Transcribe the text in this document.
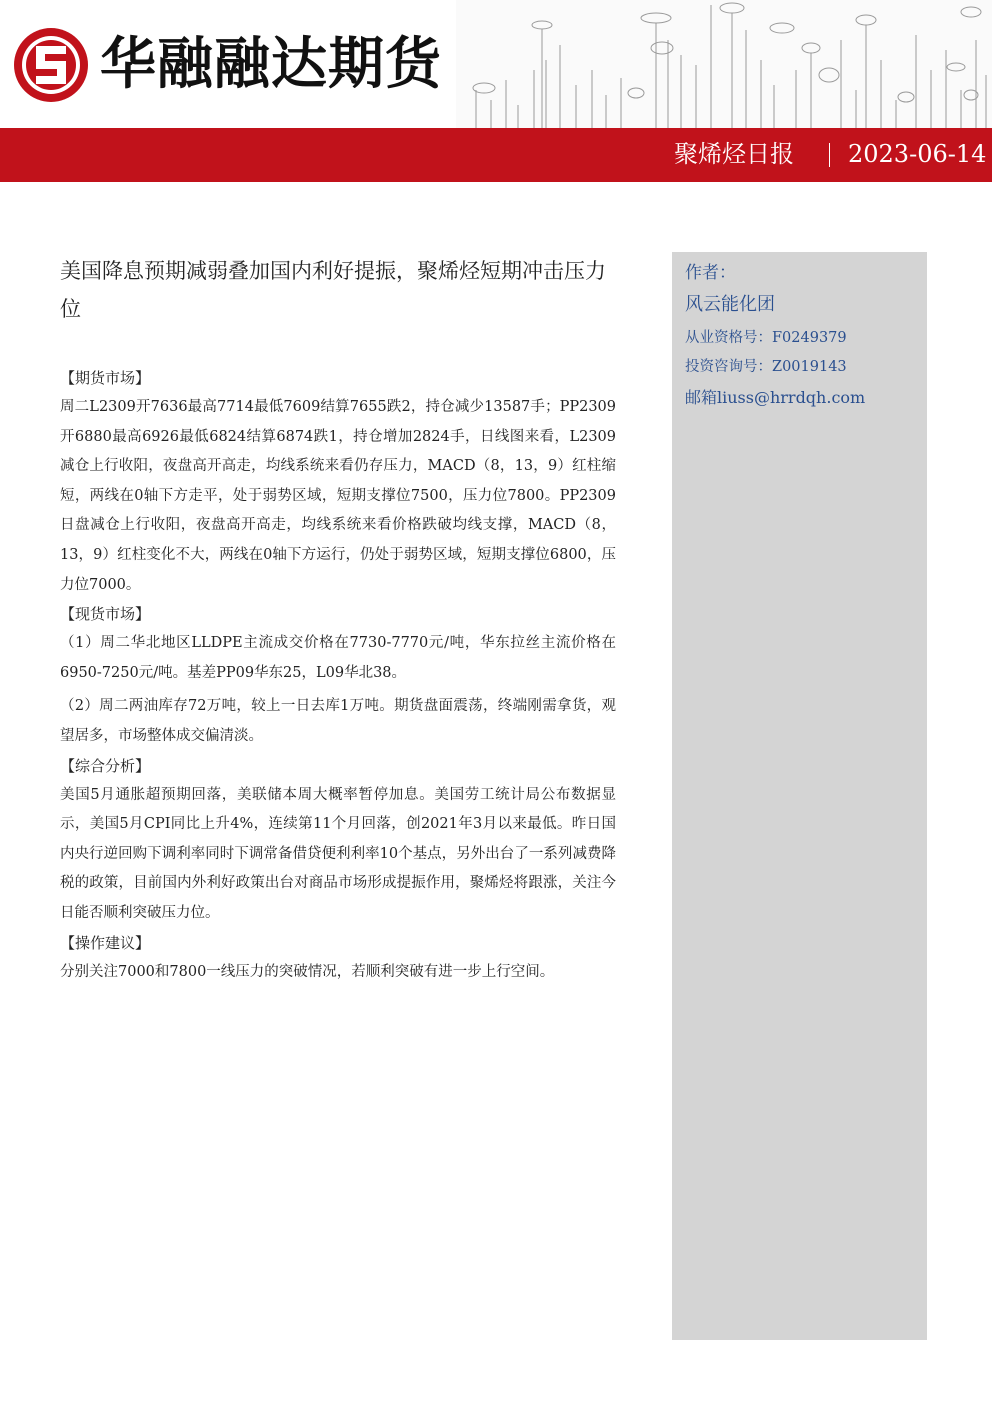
华融融达期货
聚烯烃日报 2023-06-14
美国降息预期减弱叠加国内利好提振，聚烯烃短期冲击压力位
【期货市场】
周二L2309开7636最高7714最低7609结算7655跌2，持仓减少13587手；PP2309开6880最高6926最低6824结算6874跌1，持仓增加2824手，日线图来看，L2309减仓上行收阳，夜盘高开高走，均线系统来看仍存压力，MACD（8，13，9）红柱缩短，两线在0轴下方走平，处于弱势区域，短期支撑位7500，压力位7800。PP2309日盘减仓上行收阳，夜盘高开高走，均线系统来看价格跌破均线支撑，MACD（8，13，9）红柱变化不大，两线在0轴下方运行，仍处于弱势区域，短期支撑位6800，压力位7000。
【现货市场】
（1）周二华北地区LLDPE主流成交价格在7730-7770元/吨，华东拉丝主流价格在6950-7250元/吨。基差PP09华东25，L09华北38。
（2）周二两油库存72万吨，较上一日去库1万吨。期货盘面震荡，终端刚需拿货，观望居多，市场整体成交偏清淡。
【综合分析】
美国5月通胀超预期回落，美联储本周大概率暂停加息。美国劳工统计局公布数据显示，美国5月CPI同比上升4%，连续第11个月回落，创2021年3月以来最低。昨日国内央行逆回购下调利率同时下调常备借贷便利利率10个基点，另外出台了一系列减费降税的政策，目前国内外利好政策出台对商品市场形成提振作用，聚烯烃将跟涨，关注今日能否顺利突破压力位。
【操作建议】
分别关注7000和7800一线压力的突破情况，若顺利突破有进一步上行空间。
作者：
风云能化团
从业资格号：F0249379
投资咨询号：Z0019143
邮箱liuss@hrrdqh.com
